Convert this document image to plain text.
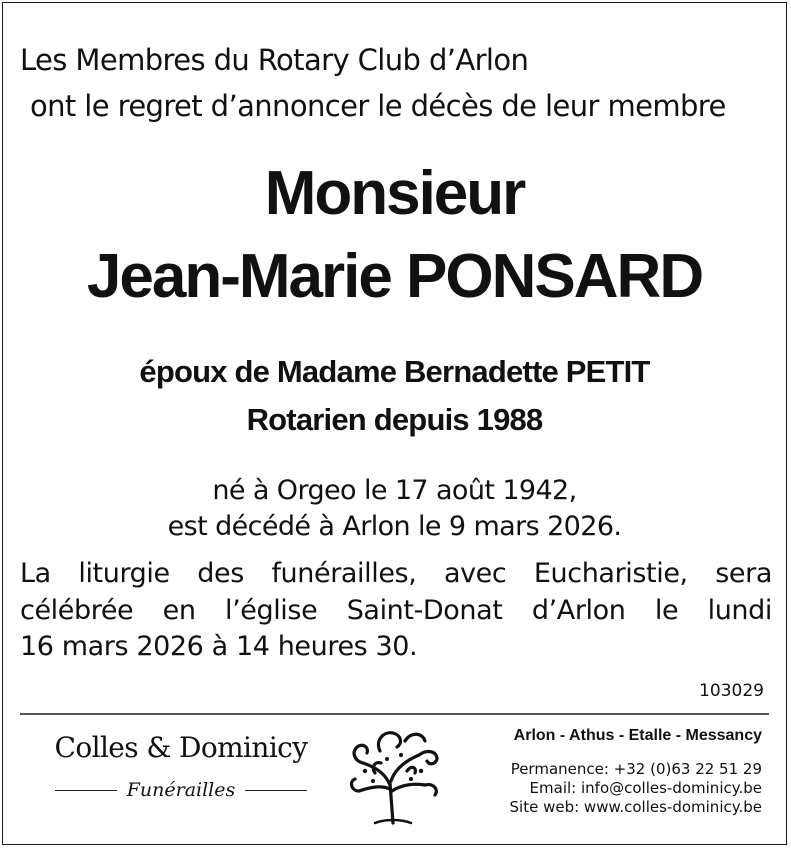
Les Membres du Rotary Club d’Arlon
ont le regret d’annoncer le décès de leur membre
Monsieur
Jean-Marie PONSARD
époux de Madame Bernadette PETIT
Rotarien depuis 1988
né à Orgeo le 17 août 1942,
est décédé à Arlon le 9 mars 2026.
La liturgie des funérailles, avec Eucharistie, sera
célébrée en l’église Saint-Donat d’Arlon le lundi
16 mars 2026 à 14 heures 30.
103029
Colles & Dominicy
Funérailles
Arlon - Athus - Etalle - Messancy
Permanence: +32 (0)63 22 51 29
Email: info@colles-dominicy.be
Site web: www.colles-dominicy.be
